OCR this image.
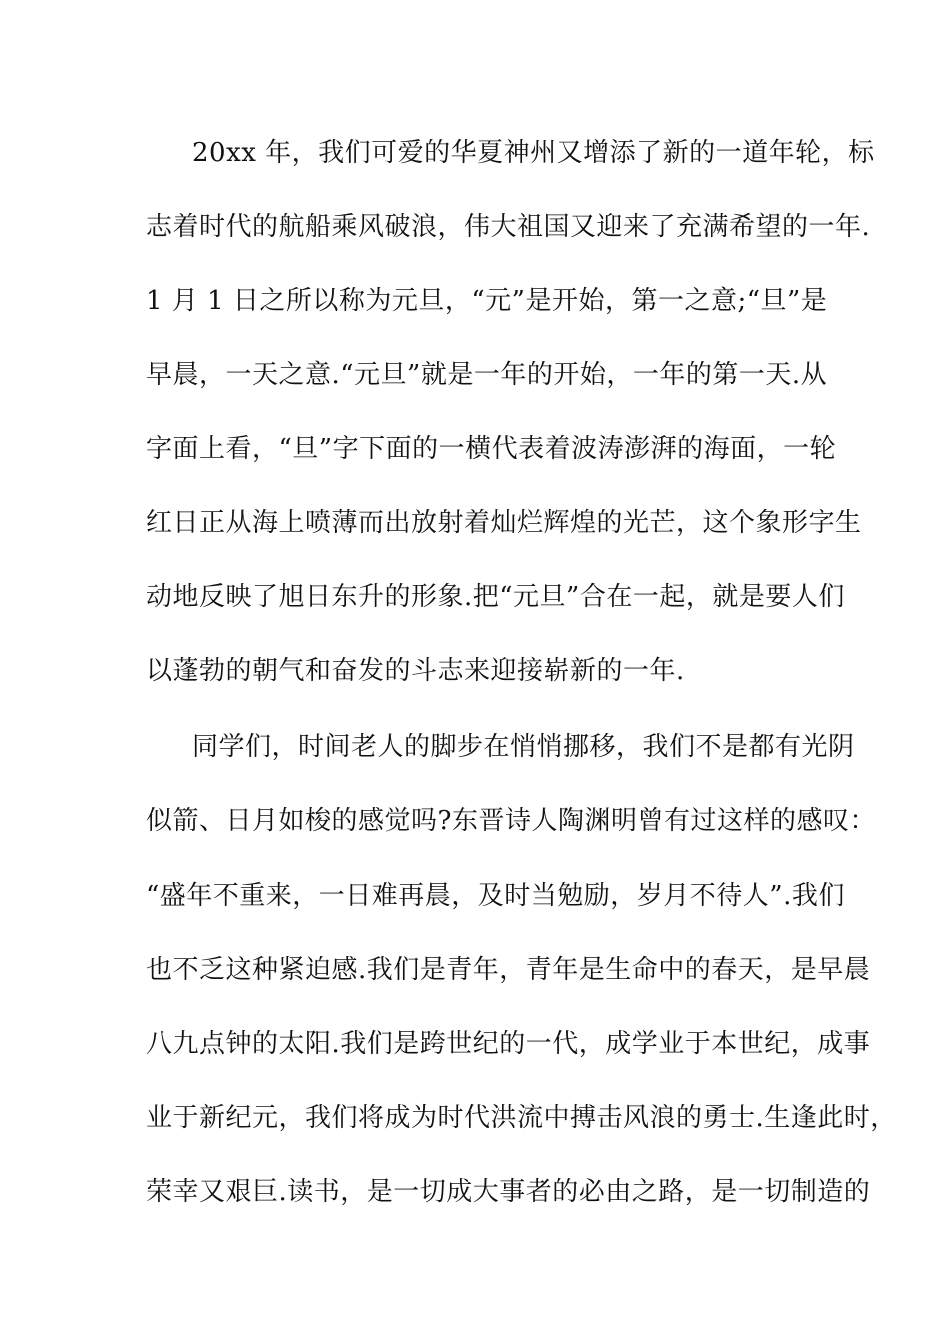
20xx 年，我们可爱的华夏神州又增添了新的一道年轮，标
志着时代的航船乘风破浪，伟大祖国又迎来了充满希望的一年.
1 月 1 日之所以称为元旦，“元”是开始，第一之意;“旦”是
早晨，一天之意.“元旦”就是一年的开始，一年的第一天.从
字面上看，“旦”字下面的一横代表着波涛澎湃的海面，一轮
红日正从海上喷薄而出放射着灿烂辉煌的光芒，这个象形字生
动地反映了旭日东升的形象.把“元旦”合在一起，就是要人们
以蓬勃的朝气和奋发的斗志来迎接崭新的一年.
同学们，时间老人的脚步在悄悄挪移，我们不是都有光阴
似箭、日月如梭的感觉吗?东晋诗人陶渊明曾有过这样的感叹：
“盛年不重来，一日难再晨，及时当勉励，岁月不待人”.我们
也不乏这种紧迫感.我们是青年，青年是生命中的春天，是早晨
八九点钟的太阳.我们是跨世纪的一代，成学业于本世纪，成事
业于新纪元，我们将成为时代洪流中搏击风浪的勇士.生逢此时，
荣幸又艰巨.读书，是一切成大事者的必由之路，是一切制造的
